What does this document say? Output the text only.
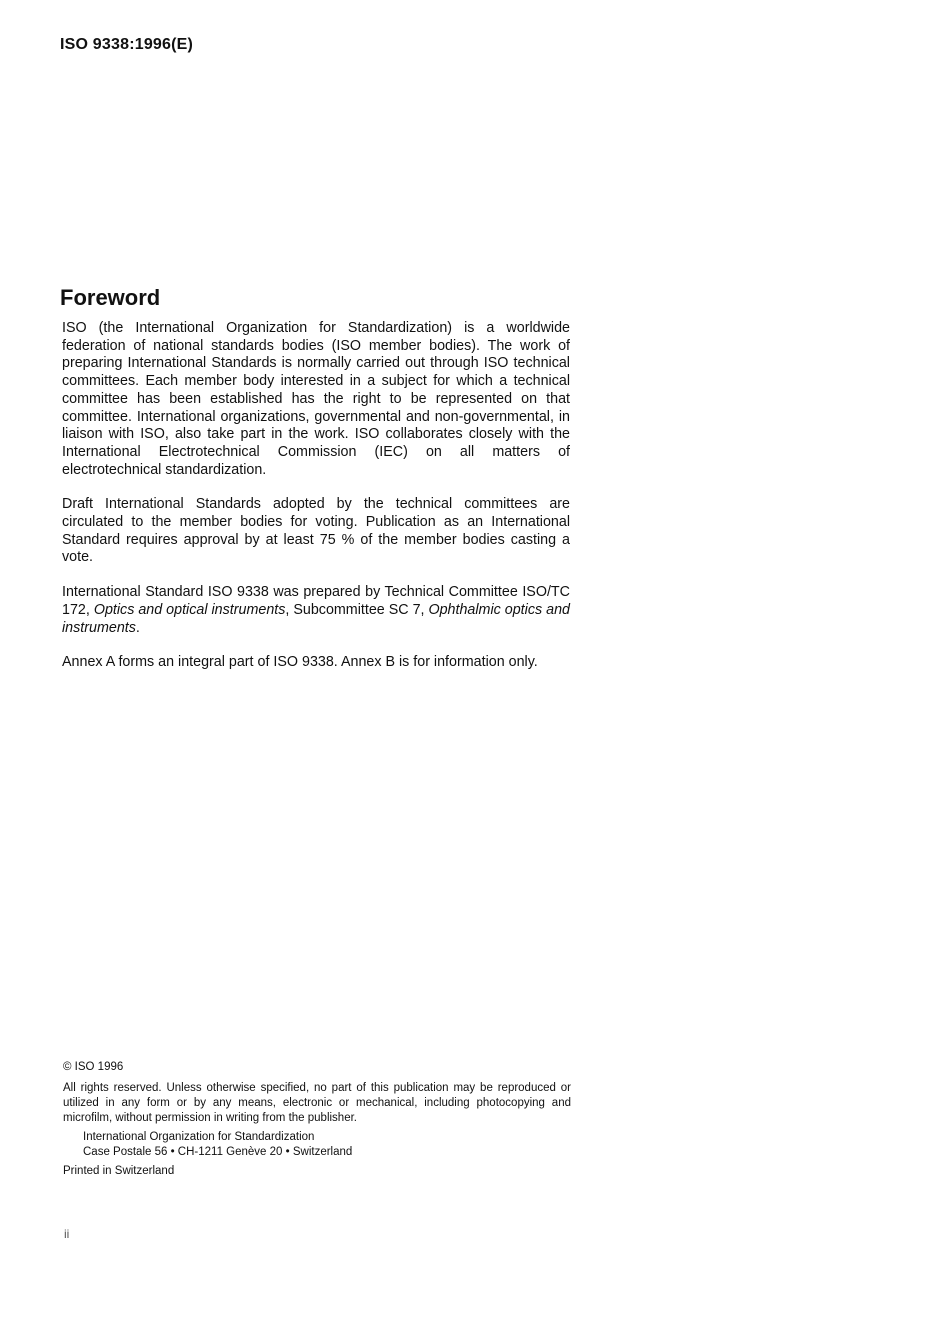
ISO 9338:1996(E)
Foreword

ISO (the International Organization for Standardization) is a worldwide federation of national standards bodies (ISO member bodies). The work of preparing International Standards is normally carried out through ISO technical committees. Each member body interested in a subject for which a technical committee has been established has the right to be represented on that committee. International organizations, governmental and non-governmental, in liaison with ISO, also take part in the work. ISO collaborates closely with the International Electrotechnical Commission (IEC) on all matters of electrotechnical standardization.

Draft International Standards adopted by the technical committees are circulated to the member bodies for voting. Publication as an International Standard requires approval by at least 75 % of the member bodies casting a vote.

International Standard ISO 9338 was prepared by Technical Committee ISO/TC 172, Optics and optical instruments, Subcommittee SC 7, Ophthalmic optics and instruments.

Annex A forms an integral part of ISO 9338. Annex B is for information only.

© ISO 1996

All rights reserved. Unless otherwise specified, no part of this publication may be reproduced or utilized in any form or by any means, electronic or mechanical, including photocopying and microfilm, without permission in writing from the publisher.

International Organization for Standardization
Case Postale 56 • CH-1211 Genève 20 • Switzerland

Printed in Switzerland

ii
